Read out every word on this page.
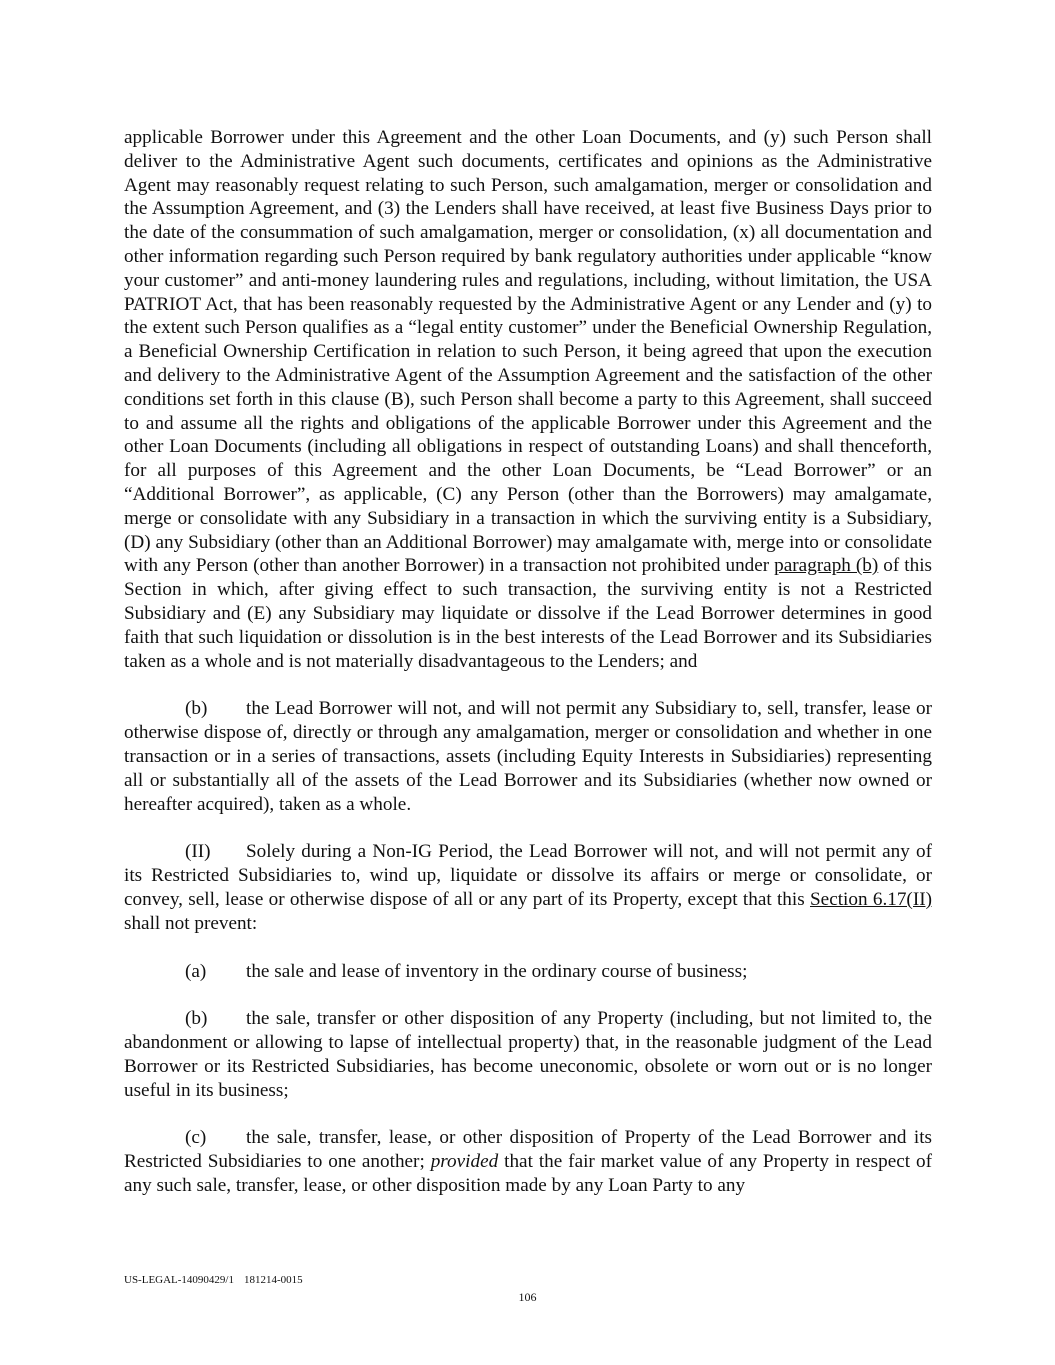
applicable Borrower under this Agreement and the other Loan Documents, and (y) such Person shall deliver to the Administrative Agent such documents, certificates and opinions as the Administrative Agent may reasonably request relating to such Person, such amalgamation, merger or consolidation and the Assumption Agreement, and (3) the Lenders shall have received, at least five Business Days prior to the date of the consummation of such amalgamation, merger or consolidation, (x) all documentation and other information regarding such Person required by bank regulatory authorities under applicable “know your customer” and anti-money laundering rules and regulations, including, without limitation, the USA PATRIOT Act, that has been reasonably requested by the Administrative Agent or any Lender and (y) to the extent such Person qualifies as a “legal entity customer” under the Beneficial Ownership Regulation, a Beneficial Ownership Certification in relation to such Person, it being agreed that upon the execution and delivery to the Administrative Agent of the Assumption Agreement and the satisfaction of the other conditions set forth in this clause (B), such Person shall become a party to this Agreement, shall succeed to and assume all the rights and obligations of the applicable Borrower under this Agreement and the other Loan Documents (including all obligations in respect of outstanding Loans) and shall thenceforth, for all purposes of this Agreement and the other Loan Documents, be “Lead Borrower” or an “Additional Borrower”, as applicable, (C) any Person (other than the Borrowers) may amalgamate, merge or consolidate with any Subsidiary in a transaction in which the surviving entity is a Subsidiary, (D) any Subsidiary (other than an Additional Borrower) may amalgamate with, merge into or consolidate with any Person (other than another Borrower) in a transaction not prohibited under paragraph (b) of this Section in which, after giving effect to such transaction, the surviving entity is not a Restricted Subsidiary and (E) any Subsidiary may liquidate or dissolve if the Lead Borrower determines in good faith that such liquidation or dissolution is in the best interests of the Lead Borrower and its Subsidiaries taken as a whole and is not materially disadvantageous to the Lenders; and

(b) the Lead Borrower will not, and will not permit any Subsidiary to, sell, transfer, lease or otherwise dispose of, directly or through any amalgamation, merger or consolidation and whether in one transaction or in a series of transactions, assets (including Equity Interests in Subsidiaries) representing all or substantially all of the assets of the Lead Borrower and its Subsidiaries (whether now owned or hereafter acquired), taken as a whole.

(II) Solely during a Non-IG Period, the Lead Borrower will not, and will not permit any of its Restricted Subsidiaries to, wind up, liquidate or dissolve its affairs or merge or consolidate, or convey, sell, lease or otherwise dispose of all or any part of its Property, except that this Section 6.17(II) shall not prevent:

(a) the sale and lease of inventory in the ordinary course of business;

(b) the sale, transfer or other disposition of any Property (including, but not limited to, the abandonment or allowing to lapse of intellectual property) that, in the reasonable judgment of the Lead Borrower or its Restricted Subsidiaries, has become uneconomic, obsolete or worn out or is no longer useful in its business;

(c) the sale, transfer, lease, or other disposition of Property of the Lead Borrower and its Restricted Subsidiaries to one another; provided that the fair market value of any Property in respect of any such sale, transfer, lease, or other disposition made by any Loan Party to any

US-LEGAL-14090429/1 181214-0015
106
